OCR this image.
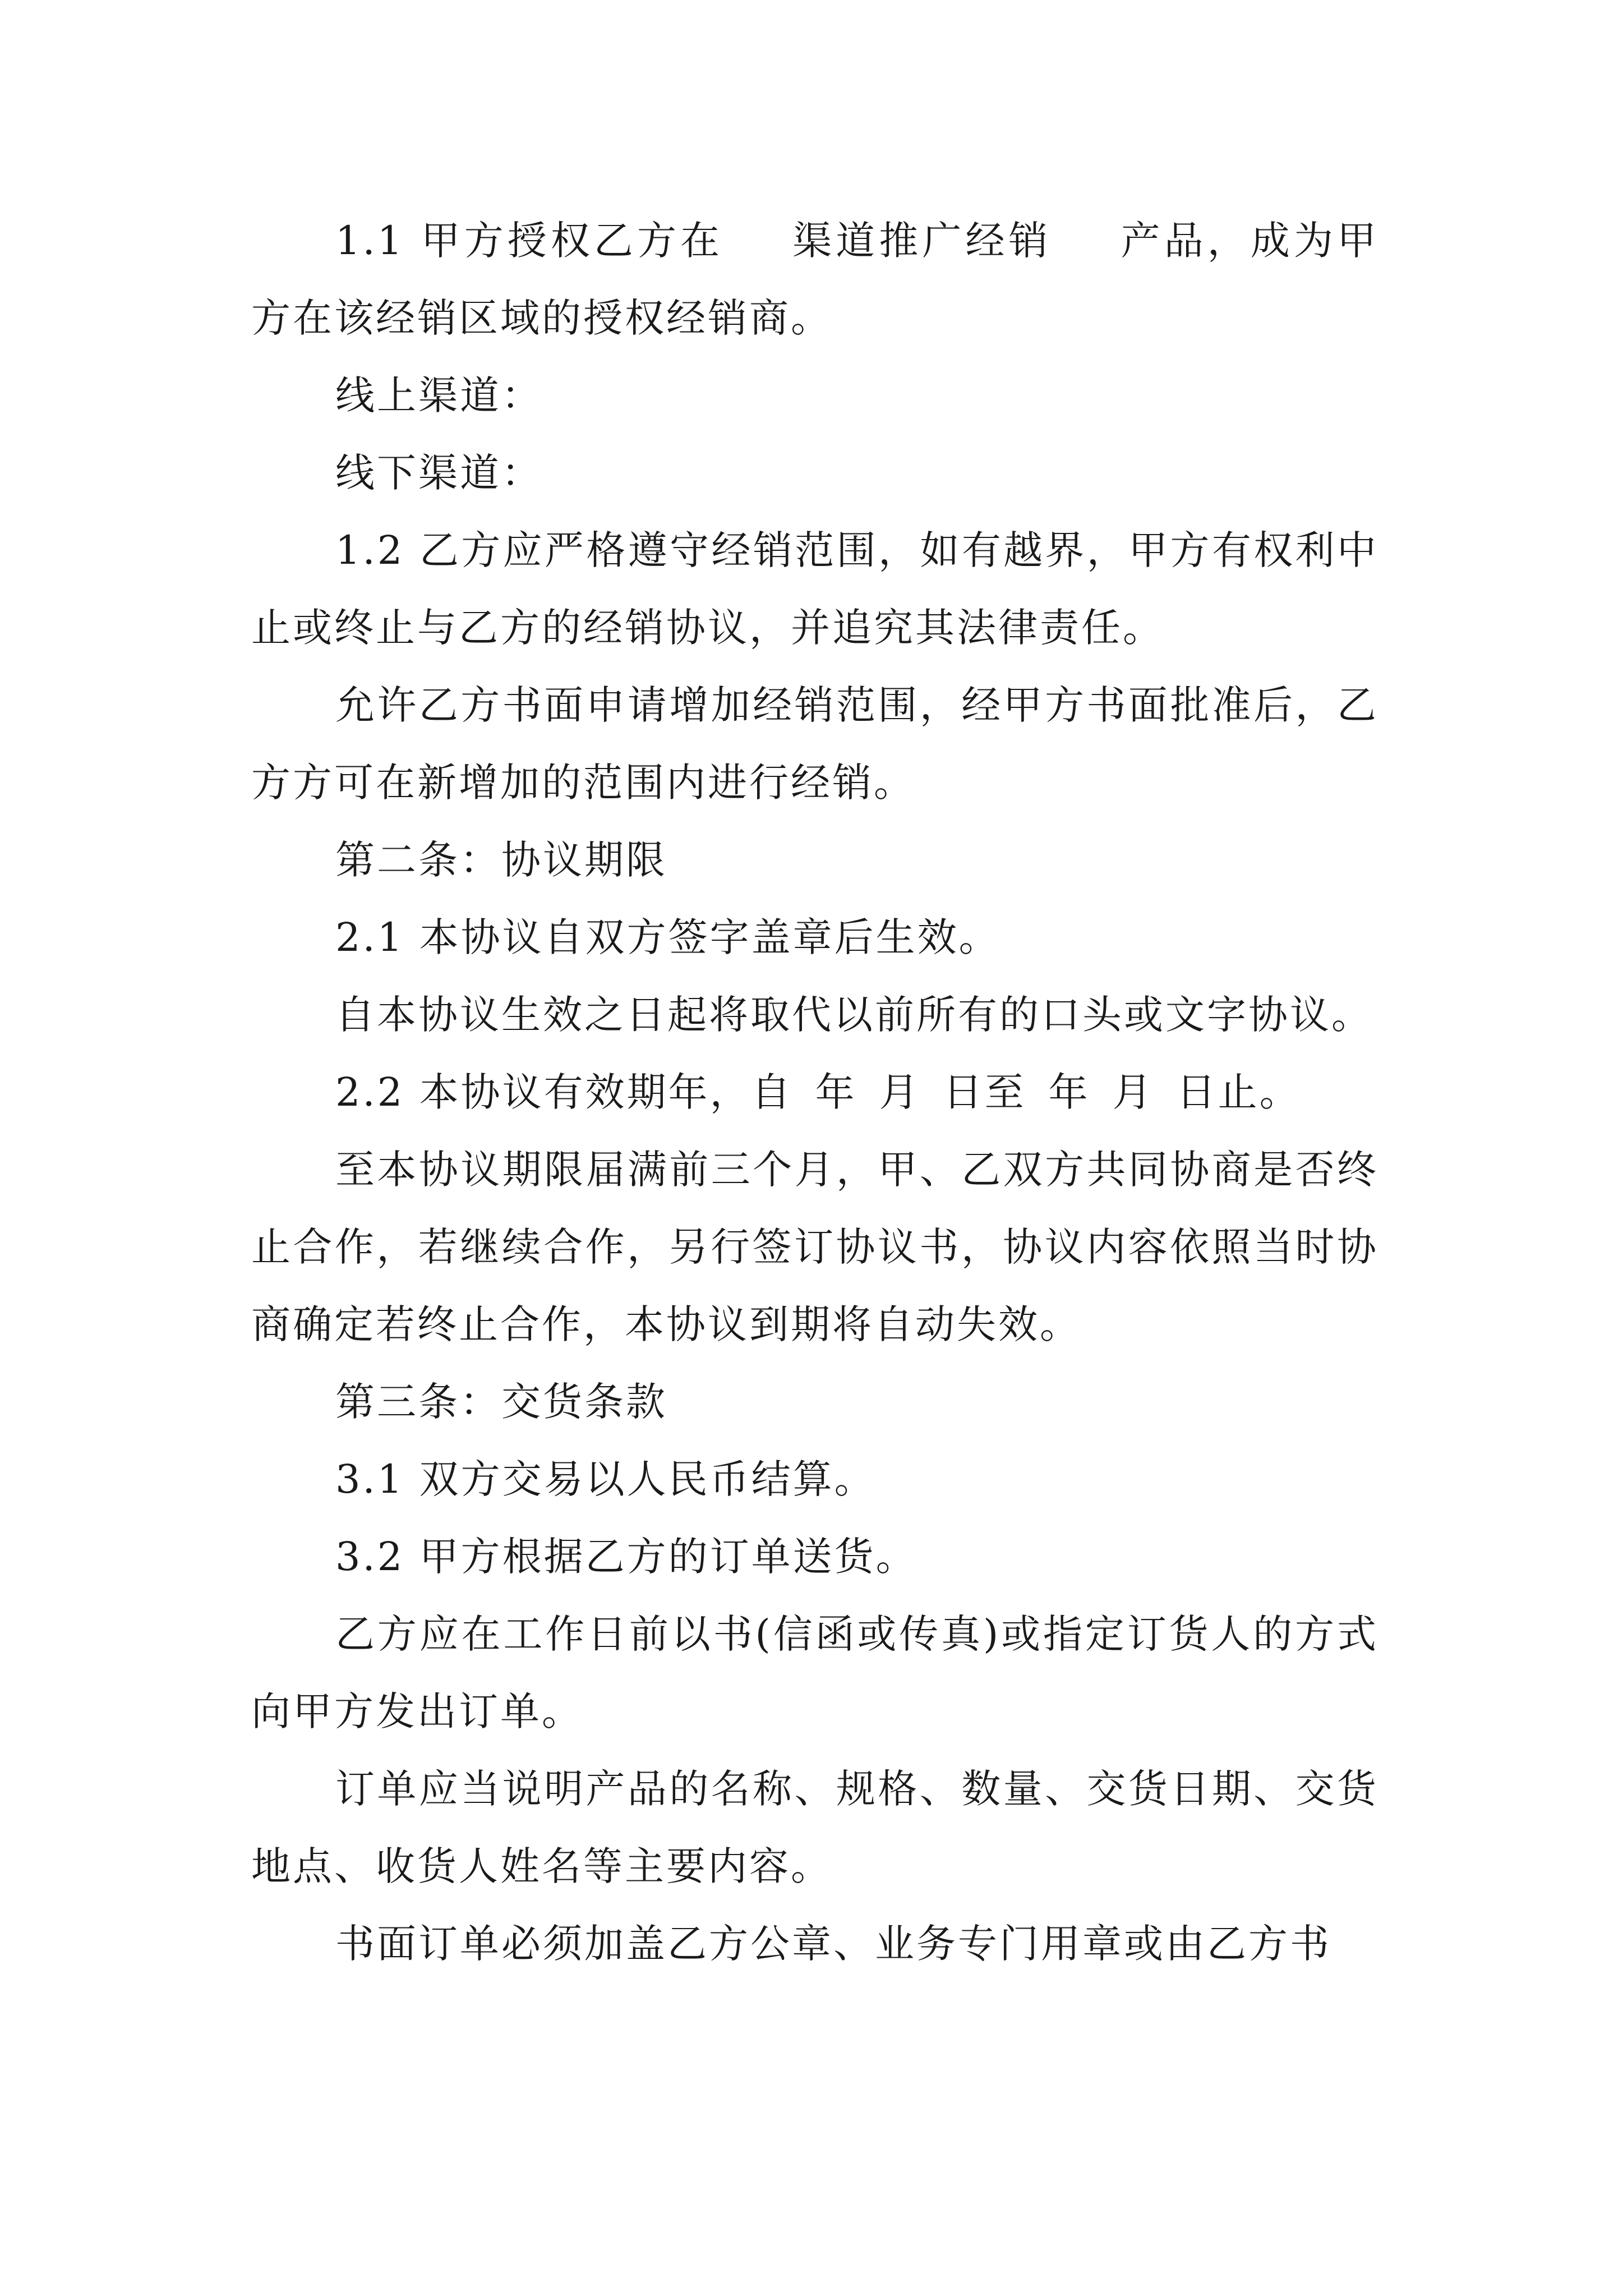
1.1 甲方授权乙方在 渠道推广经销 产品，成为甲方在该经销区域的授权经销商。

线上渠道：

线下渠道：

1.2 乙方应严格遵守经销范围，如有越界，甲方有权利中止或终止与乙方的经销协议，并追究其法律责任。

允许乙方书面申请增加经销范围，经甲方书面批准后，乙方方可在新增加的范围内进行经销。

第二条：协议期限

2.1 本协议自双方签字盖章后生效。

自本协议生效之日起将取代以前所有的口头或文字协议。

2.2 本协议有效期年，自 年 月 日至 年 月 日止。

至本协议期限届满前三个月，甲、乙双方共同协商是否终止合作，若继续合作，另行签订协议书，协议内容依照当时协商确定若终止合作，本协议到期将自动失效。

第三条：交货条款

3.1 双方交易以人民币结算。

3.2 甲方根据乙方的订单送货。

乙方应在工作日前以书(信函或传真)或指定订货人的方式向甲方发出订单。

订单应当说明产品的名称、规格、数量、交货日期、交货地点、收货人姓名等主要内容。

书面订单必须加盖乙方公章、业务专门用章或由乙方书
